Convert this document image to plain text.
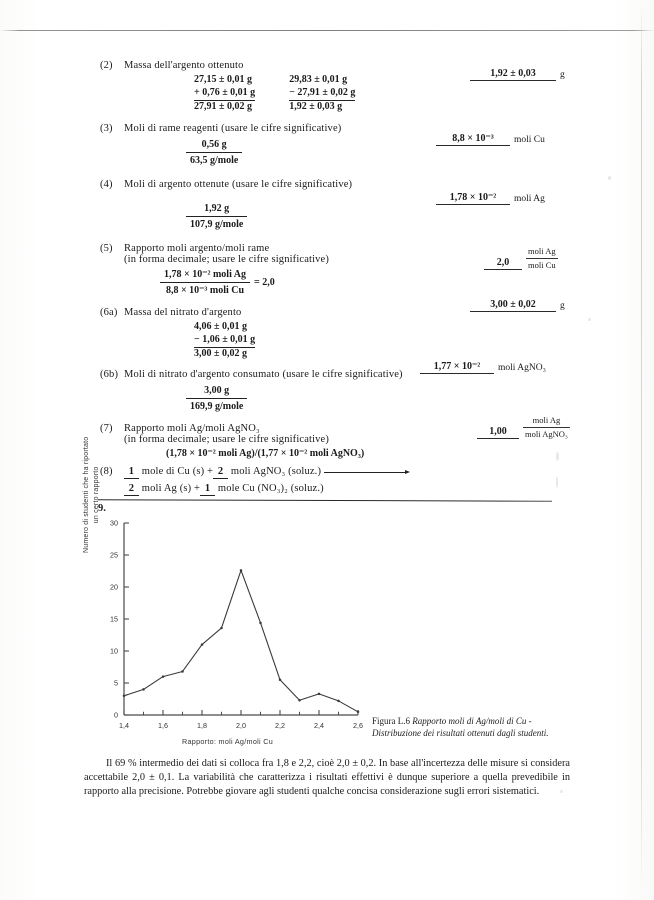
(2) Massa dell'argento ottenuto
27,15 ± 0,01 g
+ 0,76 ± 0,01 g
27,91 ± 0,02 g
29,83 ± 0,01 g
− 27,91 ± 0,02 g
1,92 ± 0,03 g
(3) Moli di rame reagenti (usare le cifre significative)
$\frac{0,56 g}{\text{63,5 g/mole}}$
(4) Moli di argento ottenute (usare le cifre significative)
$\frac{1,92 g}{\text{107,9 g/mole}}$
(5) Rapporto moli argento/moli rame
(in forma decimale; usare le cifre significative)
$\frac{\text{1,78 × 10⁻² moli Ag}}{\text{8,8 × 10⁻³ moli Cu}} = 2,0$
(6a) Massa del nitrato d'argento
4,06 ± 0,01 g
− 1,06 ± 0,01 g
3,00 ± 0,02 g
(6b) Moli di nitrato d'argento consumato (usare le cifre significative)
$\frac{3,00 g}{\text{169,9 g/mole}}$
(7) Rapporto moli Ag/moli AgNO₃
(in forma decimale; usare le cifre significative)
(1,78 × 10⁻² moli Ag)/(1,77 × 10⁻² moli AgNO₃)
(8) 1 mole di Cu (s) + 2 moli AgNO₃ (soluz.)
2 moli Ag (s) + 1 mole Cu (NO₃)₂ (soluz.)
1,92 ± 0,03	g
8,8 × 10⁻³	moli Cu
1,78 × 10⁻²	moli Ag
2,0
moli Ag
moli Cu
3,00 ± 0,02	g
1,77 × 10⁻²	moli AgNO₃
1,00
moli Ag
moli AgNO₃
9.
Numero di studenti che ha riportato un certo rapporto
Rapporto: moli Ag/moli Cu
0
5
10
15
20
25
30
1,4	1,6	1,8	2,0	2,2	2,4	2,6 Figura L.6 Rapporto moli di Ag/moli di Cu - Distribuzione dei risultati ottenuti dagli studenti.
Il 69 % intermedio dei dati si colloca fra 1,8 e 2,2, cioè 2,0 ± 0,2. In base all'incertezza delle misure si considera accettabile 2,0 ± 0,1. La variabilità che caratterizza i risultati effettivi è dunque superiore a quella prevedibile in rapporto alla precisione. Potrebbe giovare agli studenti qualche concisa considerazione sugli errori sistematici.
